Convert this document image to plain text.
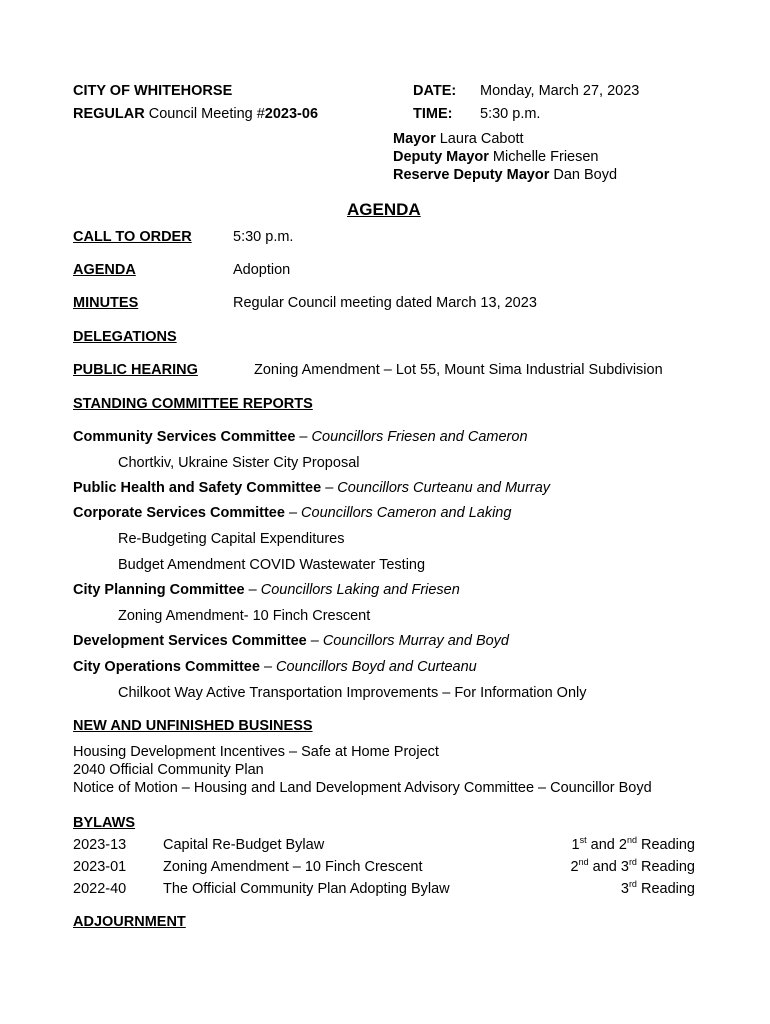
CITY OF WHITEHORSE
REGULAR Council Meeting #2023-06
DATE: Monday, March 27, 2023
TIME: 5:30 p.m.
Mayor Laura Cabott
Deputy Mayor Michelle Friesen
Reserve Deputy Mayor Dan Boyd
AGENDA
CALL TO ORDER	5:30 p.m.
AGENDA	Adoption
MINUTES	Regular Council meeting dated March 13, 2023
DELEGATIONS
PUBLIC HEARING	Zoning Amendment – Lot 55, Mount Sima Industrial Subdivision
STANDING COMMITTEE REPORTS
Community Services Committee – Councillors Friesen and Cameron
Chortkiv, Ukraine Sister City Proposal
Public Health and Safety Committee – Councillors Curteanu and Murray
Corporate Services Committee – Councillors Cameron and Laking
Re-Budgeting Capital Expenditures
Budget Amendment COVID Wastewater Testing
City Planning Committee – Councillors Laking and Friesen
Zoning Amendment- 10 Finch Crescent
Development Services Committee – Councillors Murray and Boyd
City Operations Committee – Councillors Boyd and Curteanu
Chilkoot Way Active Transportation Improvements – For Information Only
NEW AND UNFINISHED BUSINESS
Housing Development Incentives – Safe at Home Project
2040 Official Community Plan
Notice of Motion – Housing and Land Development Advisory Committee – Councillor Boyd
BYLAWS
2023-13	Capital Re-Budget Bylaw	1st and 2nd Reading
2023-01	Zoning Amendment – 10 Finch Crescent	2nd and 3rd Reading
2022-40	The Official Community Plan Adopting Bylaw	3rd Reading
ADJOURNMENT
